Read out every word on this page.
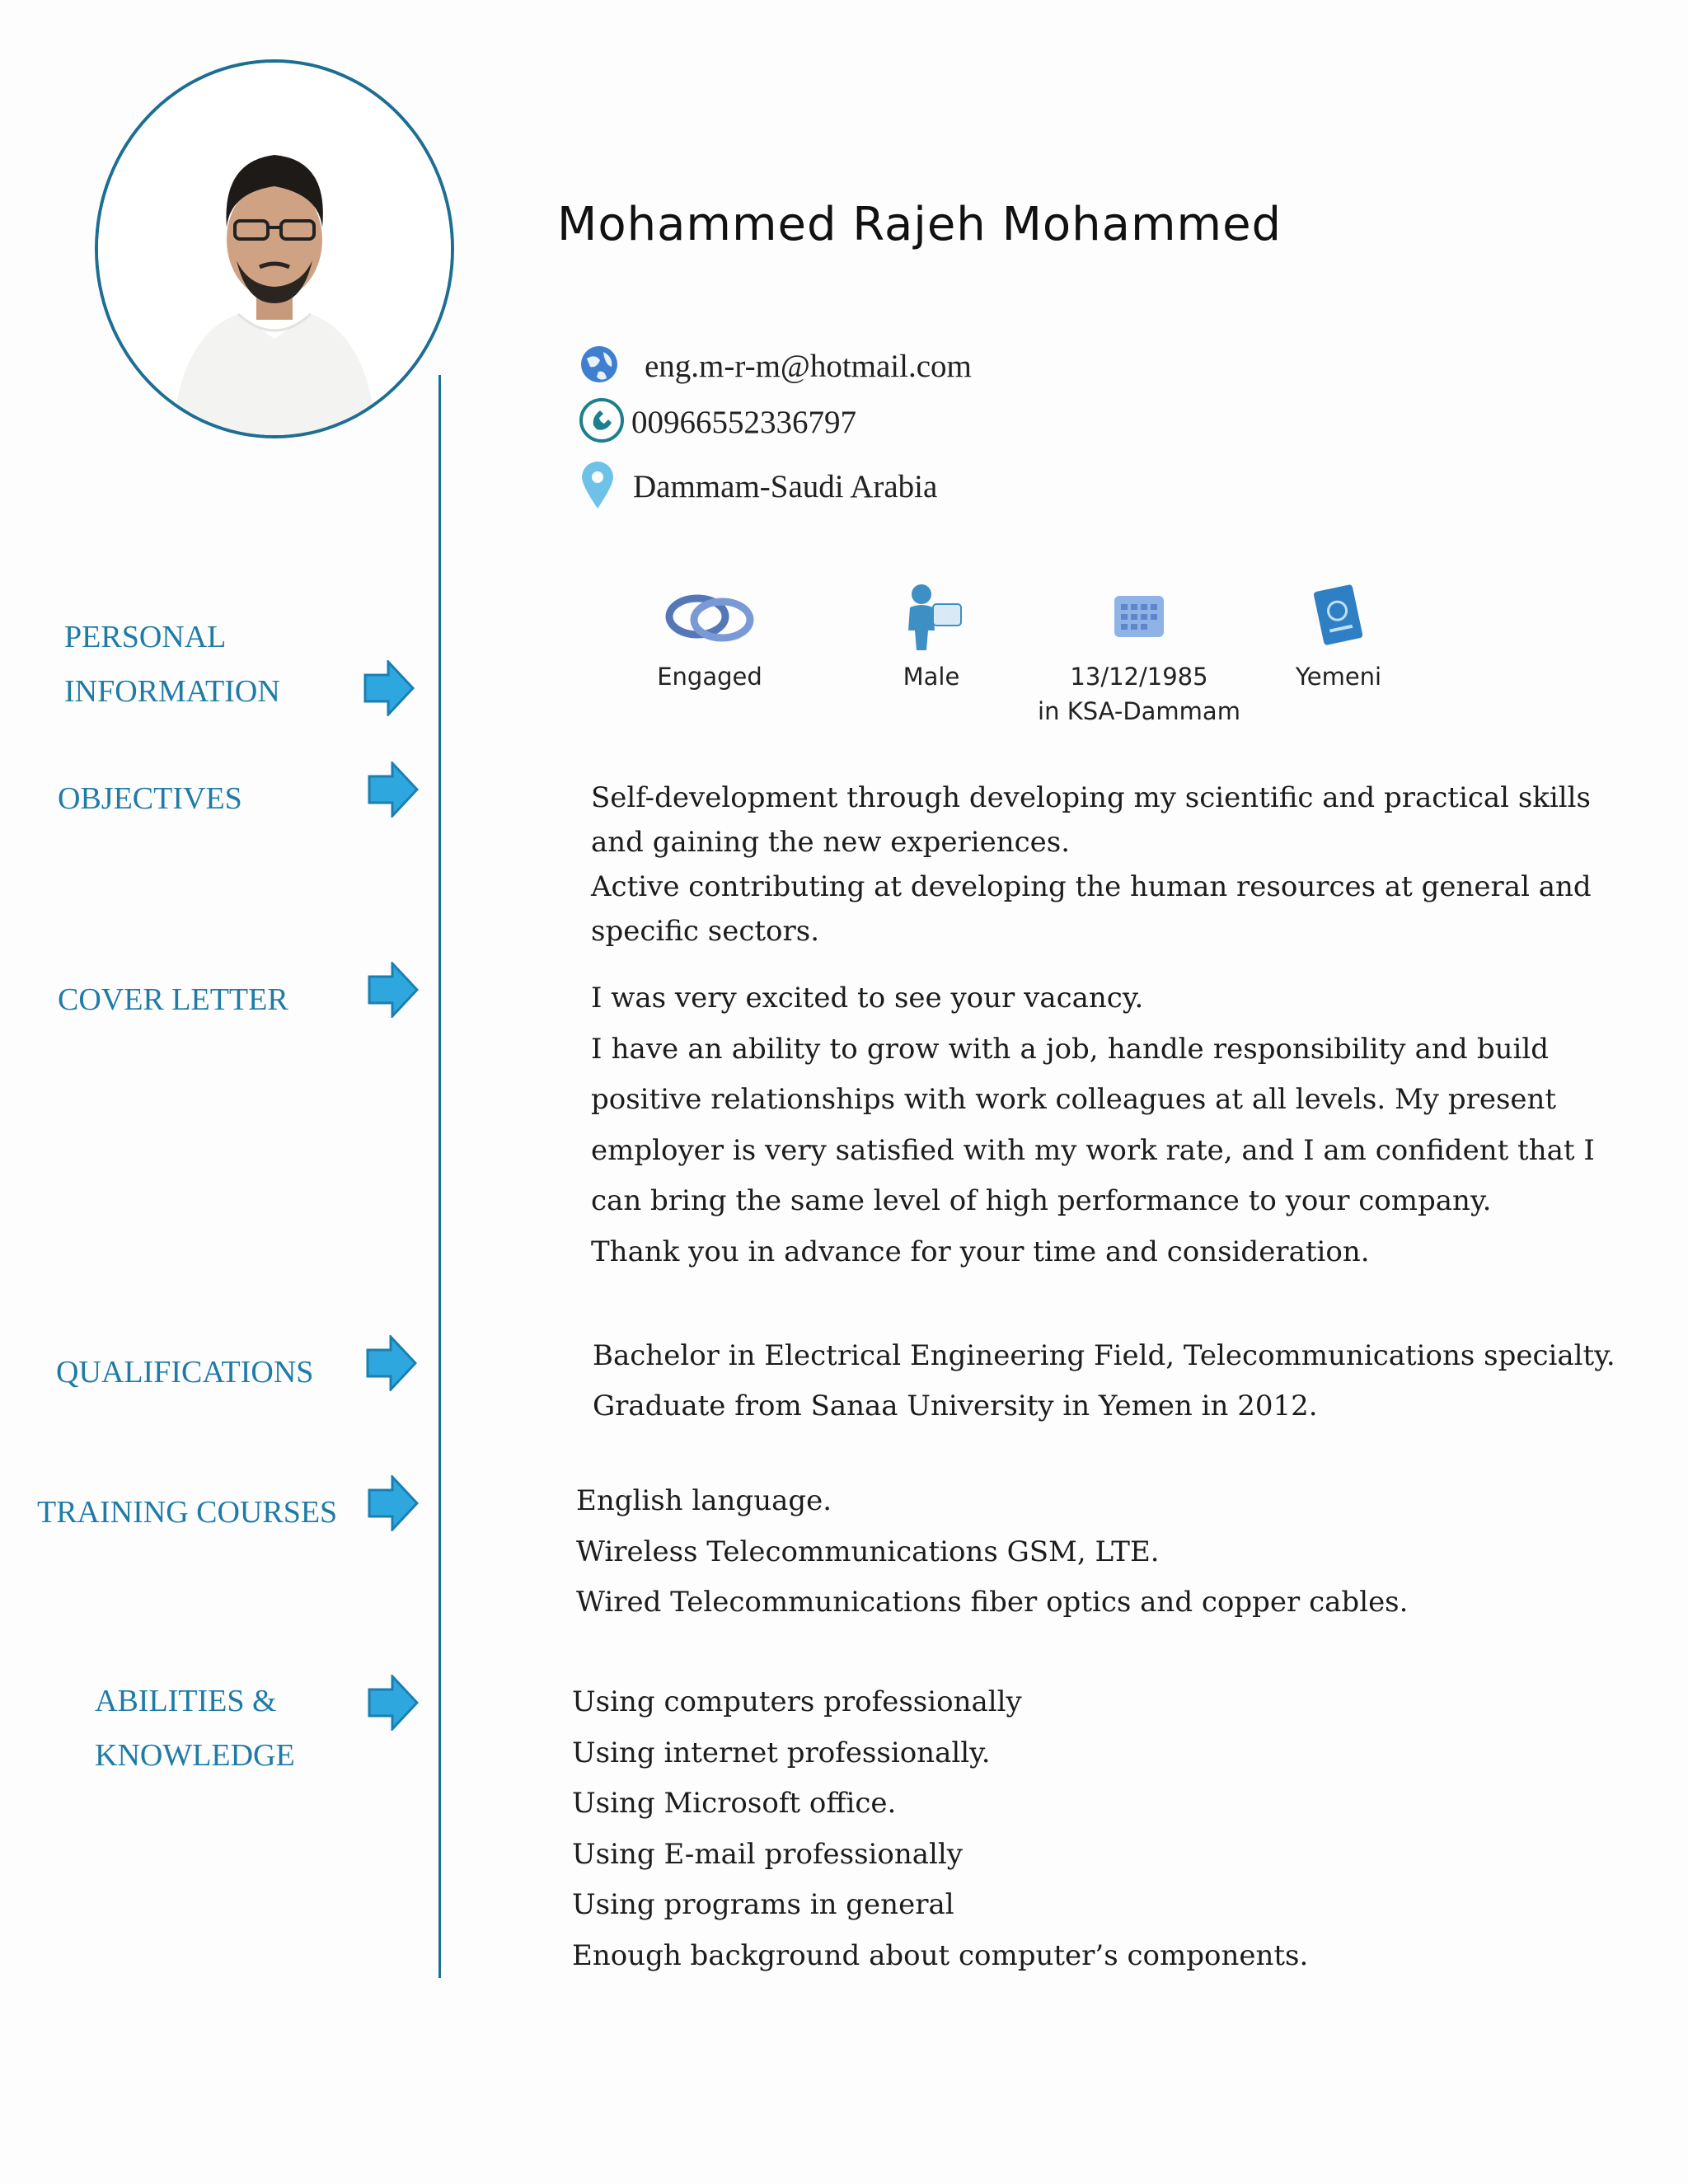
Mohammed Rajeh Mohammed
eng.m-r-m@hotmail.com
00966552336797
Dammam-Saudi Arabia
Engaged	Male	13/12/1985
in KSA-Dammam
Yemeni
PERSONAL
INFORMATION
OBJECTIVES
COVER LETTER
QUALIFICATIONS
TRAINING COURSES
ABILITIES &
KNOWLEDGE
Self-development through developing my scientific and practical skills
and gaining the new experiences.
Active contributing at developing the human resources at general and
specific sectors.
I was very excited to see your vacancy.
I have an ability to grow with a job, handle responsibility and build
positive relationships with work colleagues at all levels. My present
employer is very satisfied with my work rate, and I am confident that I
can bring the same level of high performance to your company.
Thank you in advance for your time and consideration.
Bachelor in Electrical Engineering Field, Telecommunications specialty.
Graduate from Sanaa University in Yemen in 2012.
English language.
Wireless Telecommunications GSM, LTE.
Wired Telecommunications fiber optics and copper cables.
Using computers professionally
Using internet professionally.
Using Microsoft office.
Using E-mail professionally
Using programs in general
Enough background about computer’s components.
